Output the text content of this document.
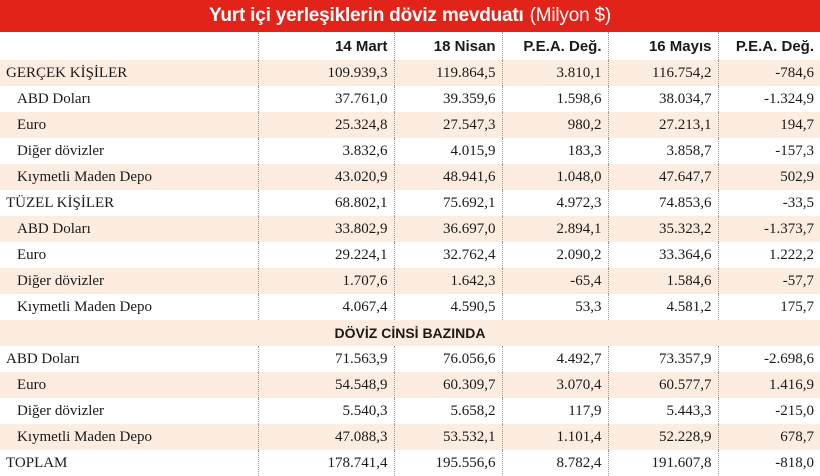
Yurt içi yerleşiklerin döviz mevduatı (Milyon $)
	14 Mart	18 Nisan	P.E.A. Değ.	16 Mayıs	P.E.A. Değ.
GERÇEK KİŞİLER	109.939,3	119.864,5	3.810,1	116.754,2	-784,6
ABD Doları	37.761,0	39.359,6	1.598,6	38.034,7	-1.324,9
Euro	25.324,8	27.547,3	980,2	27.213,1	194,7
Diğer dövizler	3.832,6	4.015,9	183,3	3.858,7	-157,3
Kıymetli Maden Depo	43.020,9	48.941,6	1.048,0	47.647,7	502,9
TÜZEL KİŞİLER	68.802,1	75.692,1	4.972,3	74.853,6	-33,5
ABD Doları	33.802,9	36.697,0	2.894,1	35.323,2	-1.373,7
Euro	29.224,1	32.762,4	2.090,2	33.364,6	1.222,2
Diğer dövizler	1.707,6	1.642,3	-65,4	1.584,6	-57,7
Kıymetli Maden Depo	4.067,4	4.590,5	53,3	4.581,2	175,7
DÖVİZ CİNSİ BAZINDA					
ABD Doları	71.563,9	76.056,6	4.492,7	73.357,9	-2.698,6
Euro	54.548,9	60.309,7	3.070,4	60.577,7	1.416,9
Diğer dövizler	5.540,3	5.658,2	117,9	5.443,3	-215,0
Kıymetli Maden Depo	47.088,3	53.532,1	1.101,4	52.228,9	678,7
TOPLAM	178.741,4	195.556,6	8.782,4	191.607,8	-818,0
